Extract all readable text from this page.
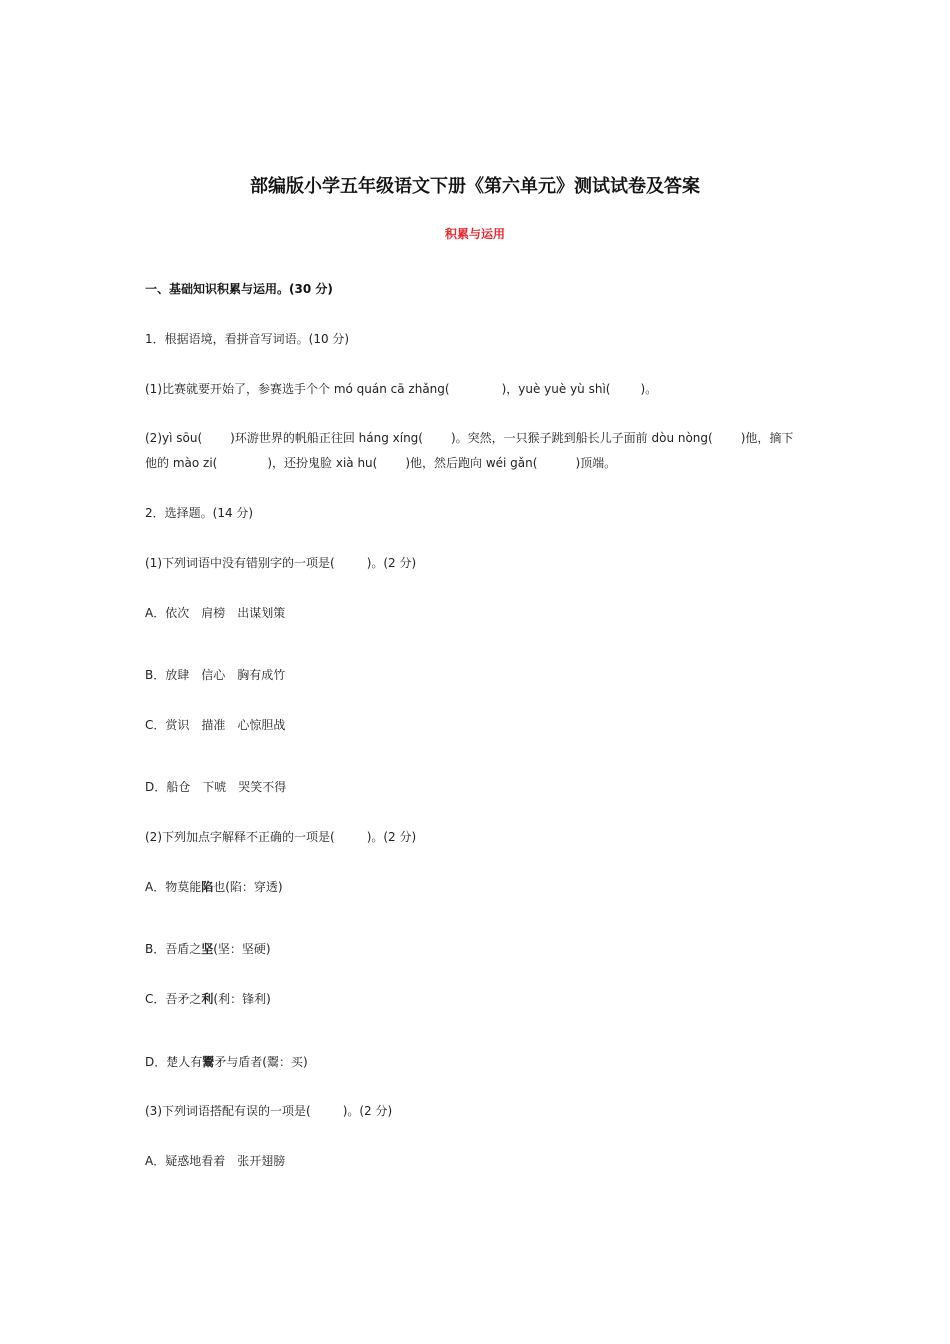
部编版小学五年级语文下册《第六单元》测试试卷及答案
积累与运用
一、基础知识积累与运用。(30 分)
1．根据语境，看拼音写词语。(10 分)
(1)比赛就要开始了，参赛选手个个 mó quán cā zhǎng(	)，yuè yuè yù shì(	)。
(2)yì sōu( )环游世界的帆船正往回 háng xíng( )。突然，一只猴子跳到船长儿子面前 dòu nòng( )他，摘下
他的 mào zi(	)，还扮鬼脸 xià hu( )他，然后跑向 wéi gǎn(	)顶端。
2．选择题。(14 分)
(1)下列词语中没有错别字的一项是(	)。(2 分)
A．依次　肩榜　出谋划策
B．放肆　信心　胸有成竹
C．赏识　描准　心惊胆战
D．船仓　下唬　哭笑不得
(2)下列加点字解释不正确的一项是(	)。(2 分)
A．物莫能陷也(陷：穿透)
B．吾盾之坚(坚：坚硬)
C．吾矛之利(利：锋利)
D．楚人有鬻矛与盾者(鬻：买)
(3)下列词语搭配有误的一项是(	)。(2 分)
A．疑惑地看着　张开翅膀
